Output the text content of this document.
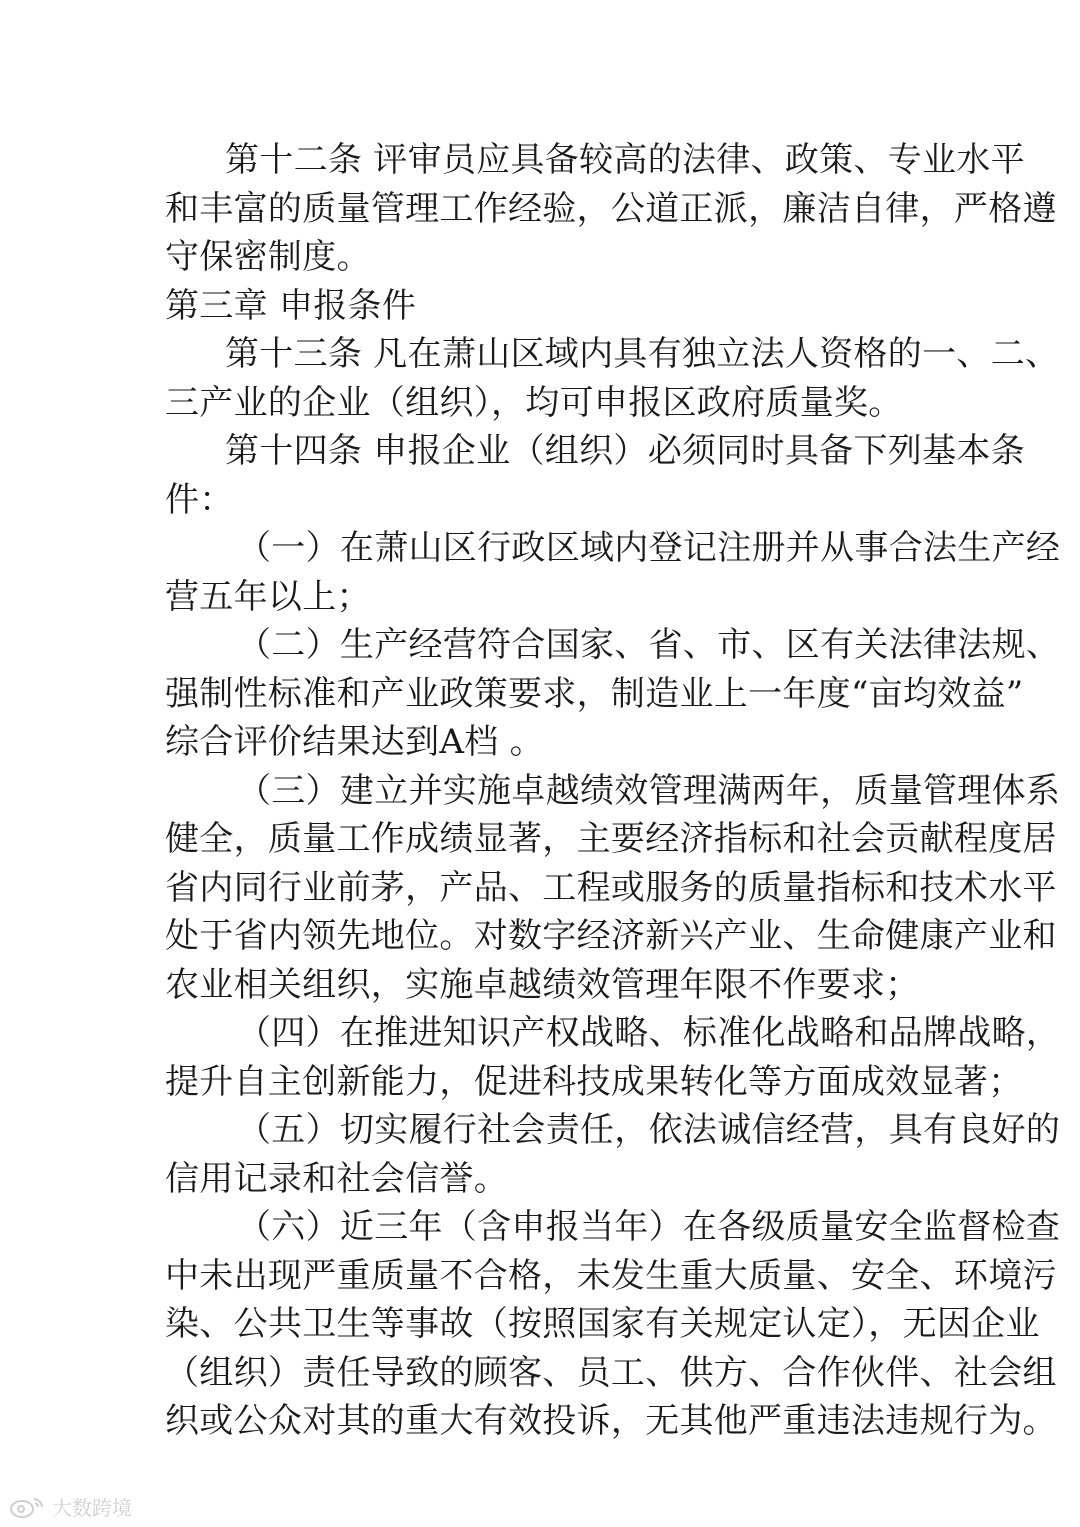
第十二条 评审员应具备较高的法律、政策、专业水平
和丰富的质量管理工作经验，公道正派，廉洁自律，严格遵
守保密制度。
第三章 申报条件
第十三条 凡在萧山区域内具有独立法人资格的一、二、
三产业的企业（组织），均可申报区政府质量奖。
第十四条 申报企业（组织）必须同时具备下列基本条
件：
（一）在萧山区行政区域内登记注册并从事合法生产经
营五年以上；
（二）生产经营符合国家、省、市、区有关法律法规、
强制性标准和产业政策要求，制造业上一年度“亩均效益”
综合评价结果达到A档 。
（三）建立并实施卓越绩效管理满两年，质量管理体系
健全，质量工作成绩显著，主要经济指标和社会贡献程度居
省内同行业前茅，产品、工程或服务的质量指标和技术水平
处于省内领先地位。对数字经济新兴产业、生命健康产业和
农业相关组织，实施卓越绩效管理年限不作要求；
（四）在推进知识产权战略、标准化战略和品牌战略，
提升自主创新能力，促进科技成果转化等方面成效显著；
（五）切实履行社会责任，依法诚信经营，具有良好的
信用记录和社会信誉。
（六）近三年（含申报当年）在各级质量安全监督检查
中未出现严重质量不合格，未发生重大质量、安全、环境污
染、公共卫生等事故（按照国家有关规定认定），无因企业
（组织）责任导致的顾客、员工、供方、合作伙伴、社会组
织或公众对其的重大有效投诉，无其他严重违法违规行为。
大数跨境
